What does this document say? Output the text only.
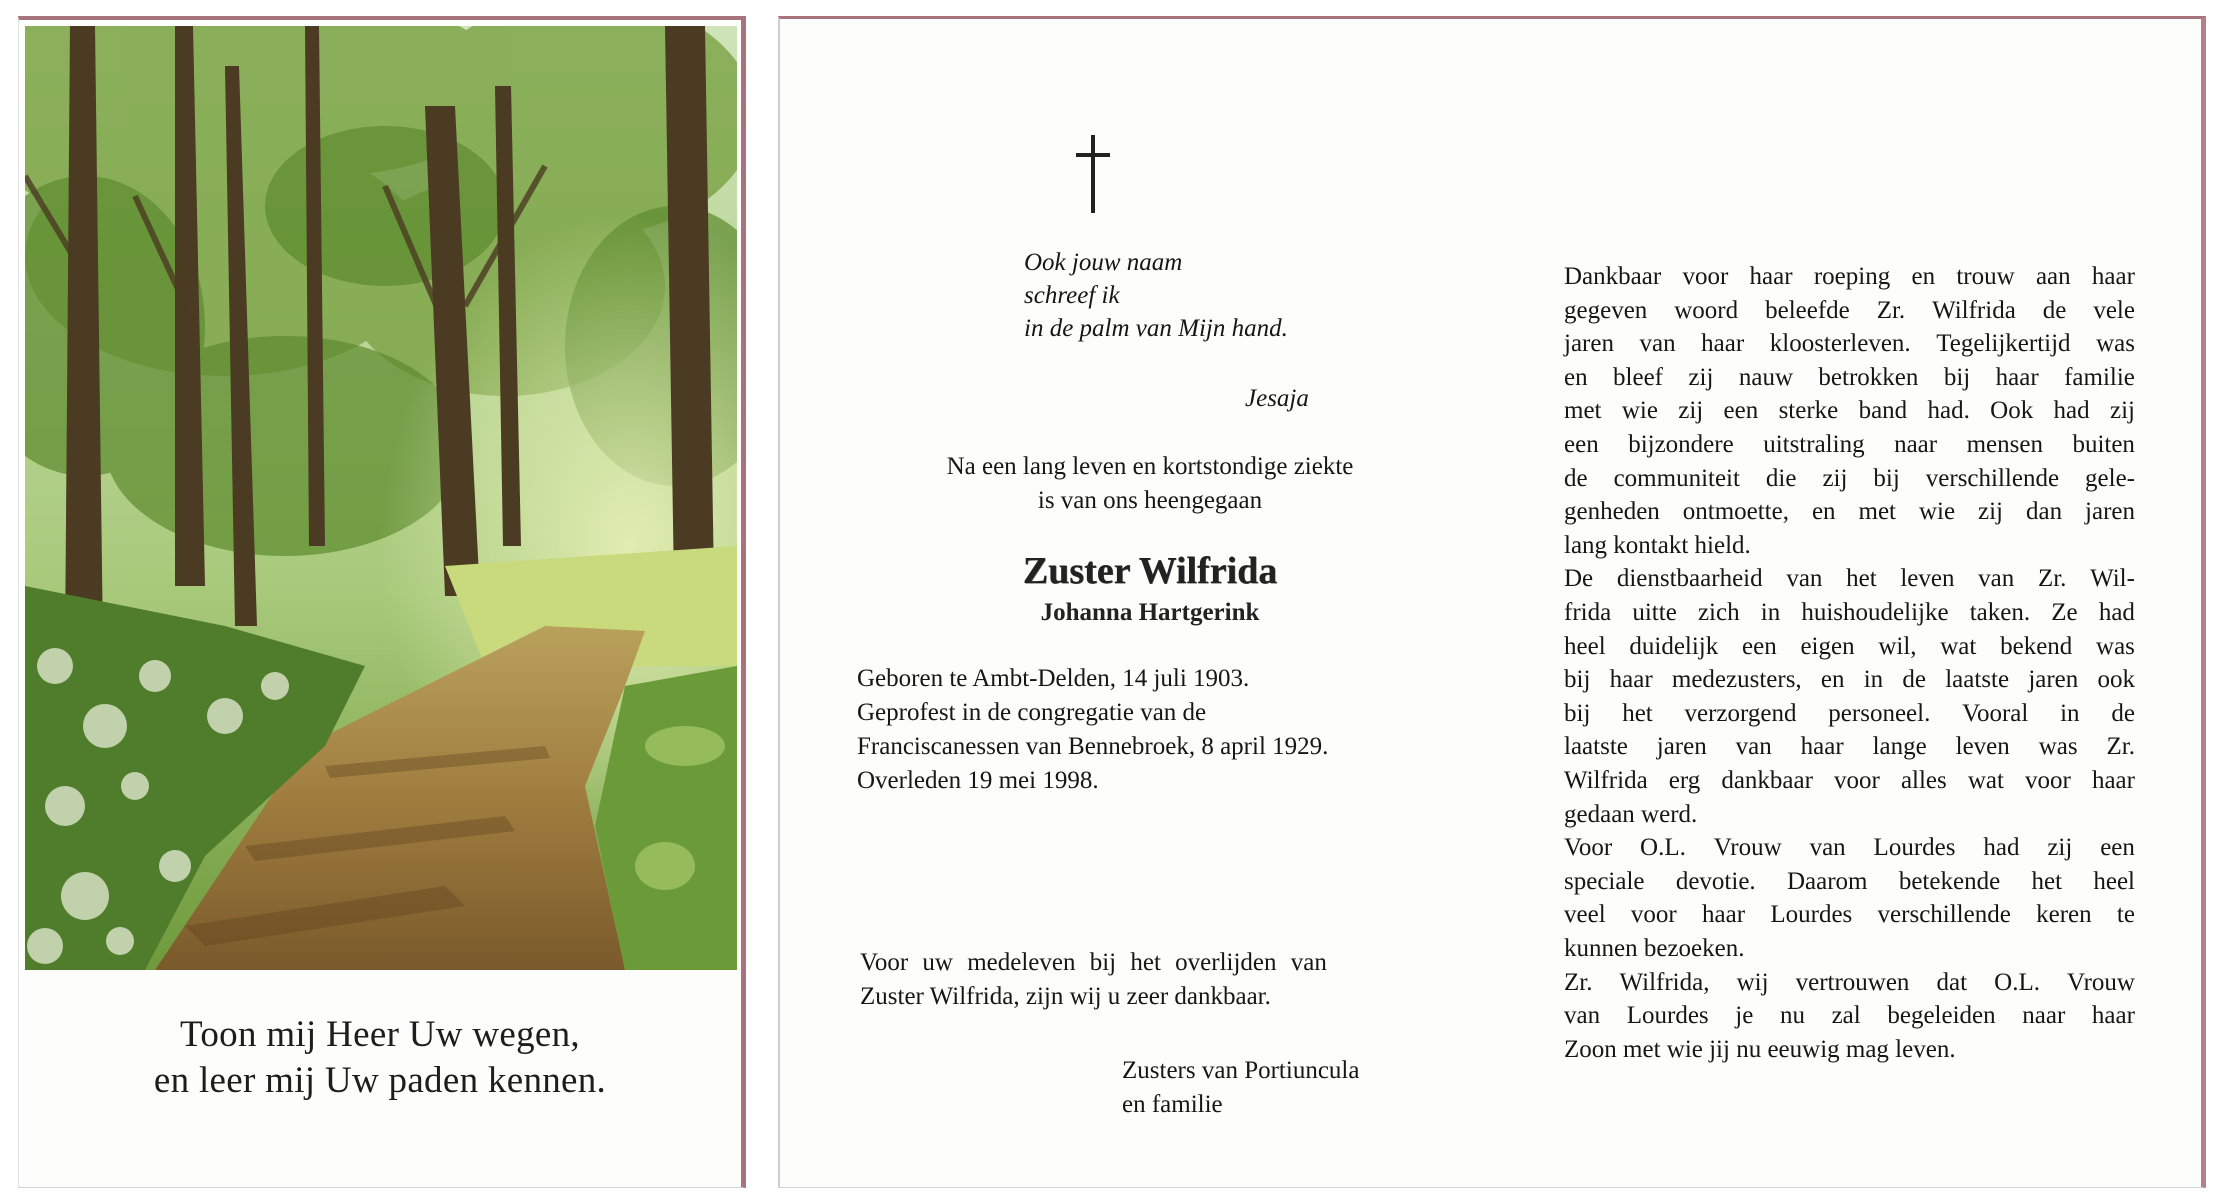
Toon mij Heer Uw wegen,
en leer mij Uw paden kennen.
Ook jouw naam
schreef ik
in de palm van Mijn hand.
Jesaja
Na een lang leven en kortstondige ziekte
is van ons heengegaan
Zuster Wilfrida
Johanna Hartgerink
Geboren te Ambt-Delden, 14 juli 1903.
Geprofest in de congregatie van de
Franciscanessen van Bennebroek, 8 april 1929.
Overleden 19 mei 1998.
Voor uw medeleven bij het overlijden van
Zuster Wilfrida, zijn wij u zeer dankbaar.
Zusters van Portiuncula
en familie
Dankbaar voor haar roeping en trouw aan haar
gegeven woord beleefde Zr. Wilfrida de vele
jaren van haar kloosterleven. Tegelijkertijd was
en bleef zij nauw betrokken bij haar familie
met wie zij een sterke band had. Ook had zij
een bijzondere uitstraling naar mensen buiten
de communiteit die zij bij verschillende gele-
genheden ontmoette, en met wie zij dan jaren
lang kontakt hield.
De dienstbaarheid van het leven van Zr. Wil-
frida uitte zich in huishoudelijke taken. Ze had
heel duidelijk een eigen wil, wat bekend was
bij haar medezusters, en in de laatste jaren ook
bij het verzorgend personeel. Vooral in de
laatste jaren van haar lange leven was Zr.
Wilfrida erg dankbaar voor alles wat voor haar
gedaan werd.
Voor O.L. Vrouw van Lourdes had zij een
speciale devotie. Daarom betekende het heel
veel voor haar Lourdes verschillende keren te
kunnen bezoeken.
Zr. Wilfrida, wij vertrouwen dat O.L. Vrouw
van Lourdes je nu zal begeleiden naar haar
Zoon met wie jij nu eeuwig mag leven.
